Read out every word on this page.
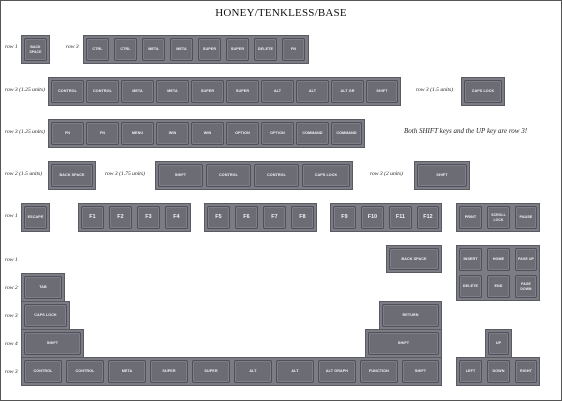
HONEY/TENKLESS/BASE
row 1	row 3
row 3 (1.25 units)	row 3 (1.5 units)
row 3 (1.25 units)	Both SHIFT keys and the UP key are row 3!
row 2 (1.5 units)	row 3 (1.75 units)	row 3 (2 units)
row 1
row 1
row 2
row 3
row 4
row 3
BACK SPACE
CTRL	CTRL	META	META	SUPER	SUPER	DELETE	FN
CONTROL	CONTROL	META	META	SUPER	SUPER	ALT	ALT	ALT GR	SHIFT	CAPS LOCK
FN	FN	MENU	WIN	WIN	OPTION	OPTION	COMMAND	COMMAND
BACK SPACE	SHIFT	CONTROL	CONTROL	CAPS LOCK	SHIFT
ESCAPE	F1	F2	F3	F4	F5	F6	F7	F8	F9	F10	F11	F12	PRINT
SCROLL LOCK
PAUSE
BACK SPACE	INSERT	HOME	PAGE UP
DELETE	END
PAGE DOWN
TAB
CAPS LOCK	RETURN
SHIFT	SHIFT	UP
CONTROL	CONTROL	META	SUPER	SUPER	ALT	ALT	ALT GRAPH	FUNCTION	SHIFT	LEFT	DOWN	RIGHT
